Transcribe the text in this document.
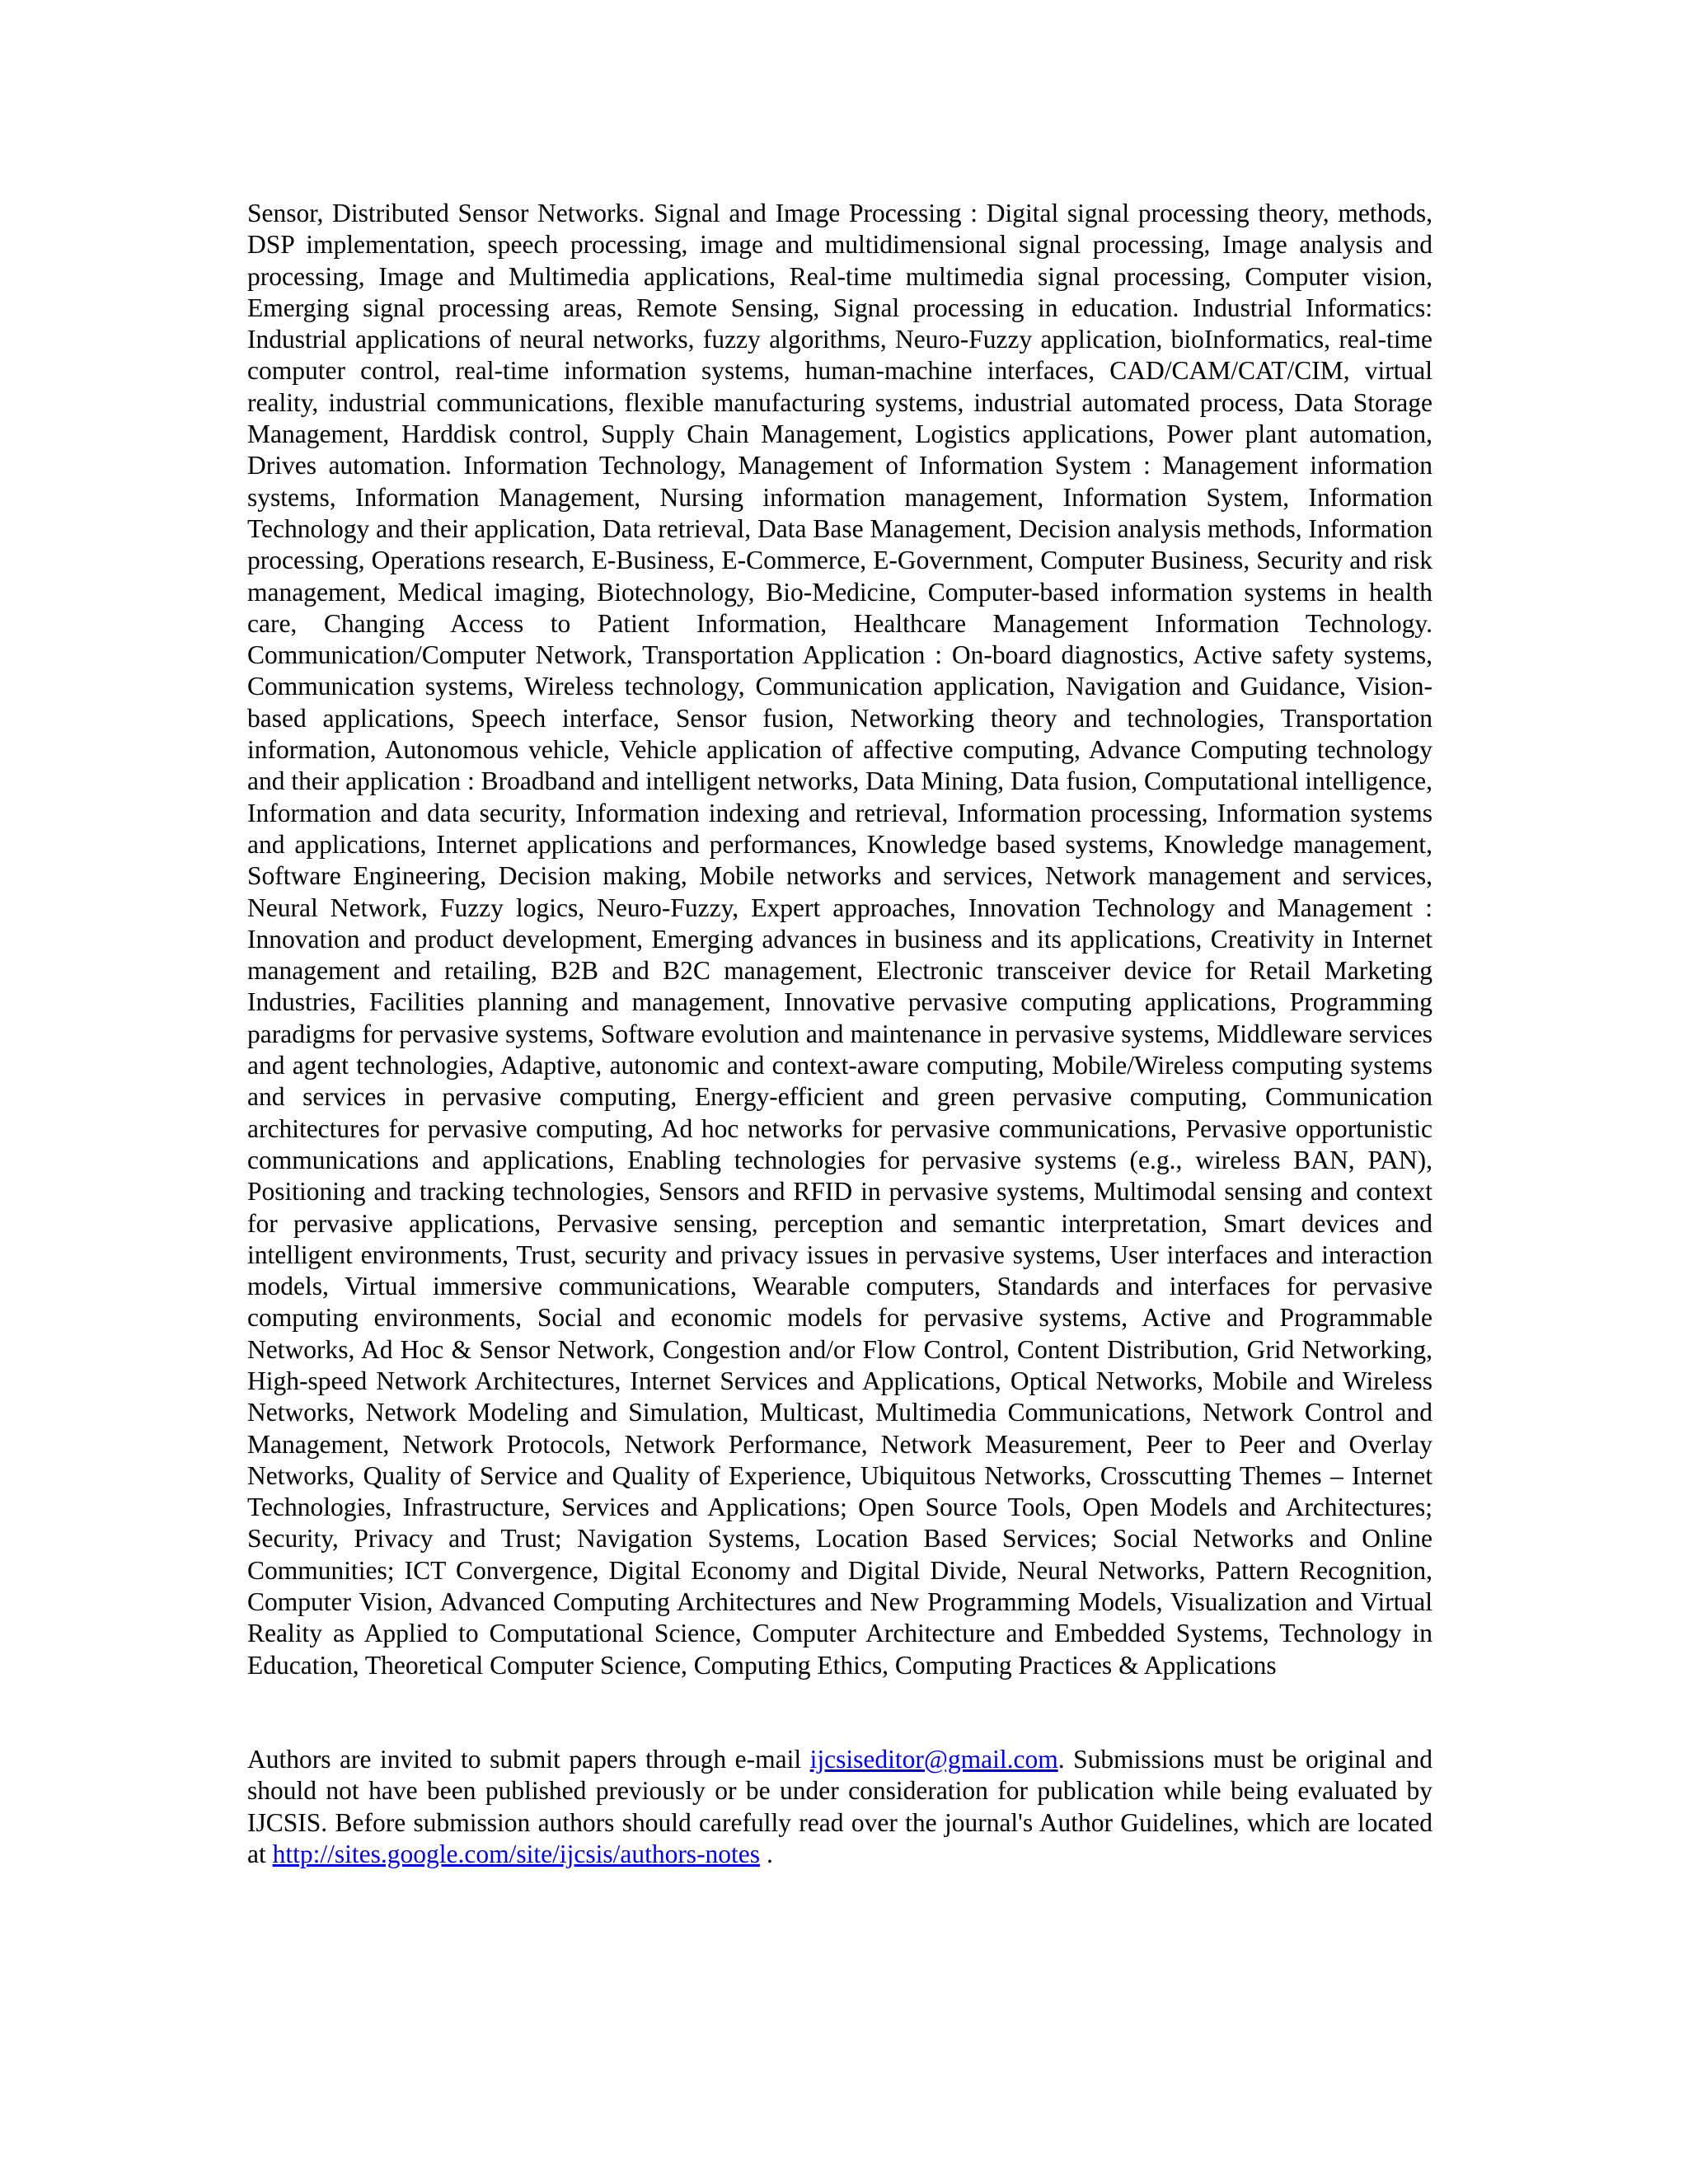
Sensor, Distributed Sensor Networks. Signal and Image Processing : Digital signal processing theory, methods, DSP implementation, speech processing, image and multidimensional signal processing, Image analysis and processing, Image and Multimedia applications, Real-time multimedia signal processing, Computer vision, Emerging signal processing areas, Remote Sensing, Signal processing in education. Industrial Informatics: Industrial applications of neural networks, fuzzy algorithms, Neuro-Fuzzy application, bioInformatics, real-time computer control, real-time information systems, human-machine interfaces, CAD/CAM/CAT/CIM, virtual reality, industrial communications, flexible manufacturing systems, industrial automated process, Data Storage Management, Harddisk control, Supply Chain Management, Logistics applications, Power plant automation, Drives automation. Information Technology, Management of Information System : Management information systems, Information Management, Nursing information management, Information System, Information Technology and their application, Data retrieval, Data Base Management, Decision analysis methods, Information processing, Operations research, E-Business, E-Commerce, E-Government, Computer Business, Security and risk management, Medical imaging, Biotechnology, Bio-Medicine, Computer-based information systems in health care, Changing Access to Patient Information, Healthcare Management Information Technology. Communication/Computer Network, Transportation Application : On-board diagnostics, Active safety systems, Communication systems, Wireless technology, Communication application, Navigation and Guidance, Vision-based applications, Speech interface, Sensor fusion, Networking theory and technologies, Transportation information, Autonomous vehicle, Vehicle application of affective computing, Advance Computing technology and their application : Broadband and intelligent networks, Data Mining, Data fusion, Computational intelligence, Information and data security, Information indexing and retrieval, Information processing, Information systems and applications, Internet applications and performances, Knowledge based systems, Knowledge management, Software Engineering, Decision making, Mobile networks and services, Network management and services, Neural Network, Fuzzy logics, Neuro-Fuzzy, Expert approaches, Innovation Technology and Management : Innovation and product development, Emerging advances in business and its applications, Creativity in Internet management and retailing, B2B and B2C management, Electronic transceiver device for Retail Marketing Industries, Facilities planning and management, Innovative pervasive computing applications, Programming paradigms for pervasive systems, Software evolution and maintenance in pervasive systems, Middleware services and agent technologies, Adaptive, autonomic and context-aware computing, Mobile/Wireless computing systems and services in pervasive computing, Energy-efficient and green pervasive computing, Communication architectures for pervasive computing, Ad hoc networks for pervasive communications, Pervasive opportunistic communications and applications, Enabling technologies for pervasive systems (e.g., wireless BAN, PAN), Positioning and tracking technologies, Sensors and RFID in pervasive systems, Multimodal sensing and context for pervasive applications, Pervasive sensing, perception and semantic interpretation, Smart devices and intelligent environments, Trust, security and privacy issues in pervasive systems, User interfaces and interaction models, Virtual immersive communications, Wearable computers, Standards and interfaces for pervasive computing environments, Social and economic models for pervasive systems, Active and Programmable Networks, Ad Hoc & Sensor Network, Congestion and/or Flow Control, Content Distribution, Grid Networking, High-speed Network Architectures, Internet Services and Applications, Optical Networks, Mobile and Wireless Networks, Network Modeling and Simulation, Multicast, Multimedia Communications, Network Control and Management, Network Protocols, Network Performance, Network Measurement, Peer to Peer and Overlay Networks, Quality of Service and Quality of Experience, Ubiquitous Networks, Crosscutting Themes – Internet Technologies, Infrastructure, Services and Applications; Open Source Tools, Open Models and Architectures; Security, Privacy and Trust; Navigation Systems, Location Based Services; Social Networks and Online Communities; ICT Convergence, Digital Economy and Digital Divide, Neural Networks, Pattern Recognition, Computer Vision, Advanced Computing Architectures and New Programming Models, Visualization and Virtual Reality as Applied to Computational Science, Computer Architecture and Embedded Systems, Technology in Education, Theoretical Computer Science, Computing Ethics, Computing Practices & Applications

Authors are invited to submit papers through e-mail ijcsiseditor@gmail.com. Submissions must be original and should not have been published previously or be under consideration for publication while being evaluated by IJCSIS. Before submission authors should carefully read over the journal's Author Guidelines, which are located at http://sites.google.com/site/ijcsis/authors-notes .
